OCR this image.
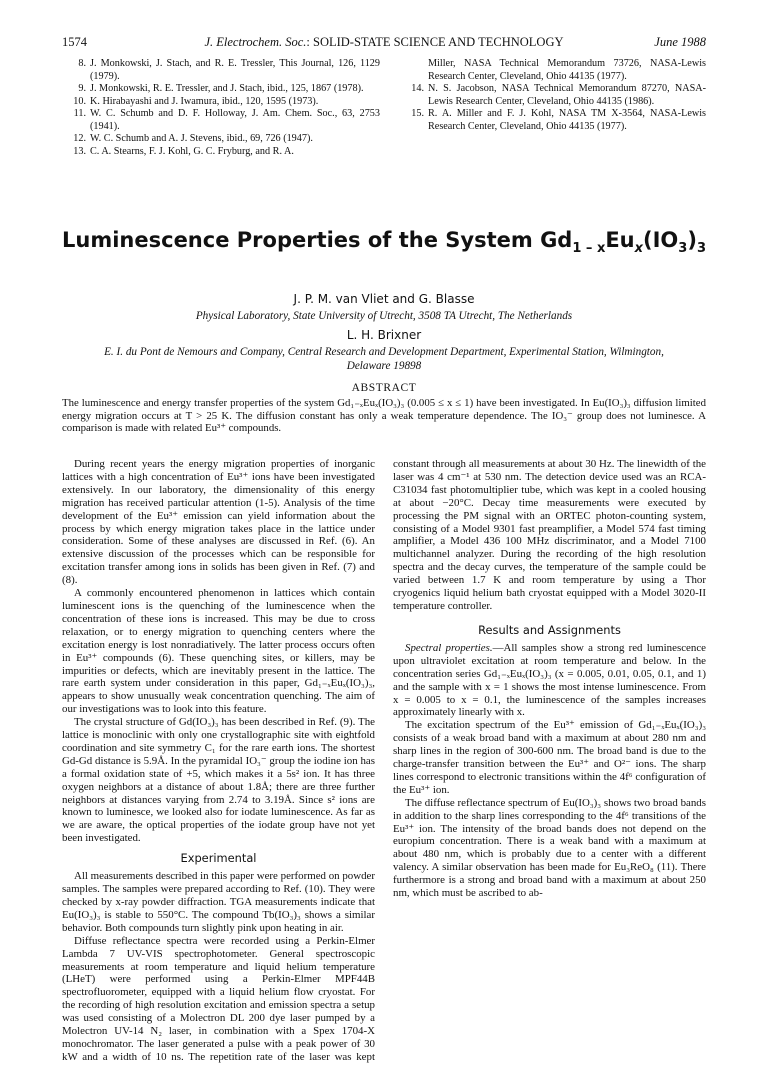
1574	J. Electrochem. Soc.: SOLID-STATE SCIENCE AND TECHNOLOGY	June 1988
8. J. Monkowski, J. Stach, and R. E. Tressler, This Journal, 126, 1129 (1979).
9. J. Monkowski, R. E. Tressler, and J. Stach, ibid., 125, 1867 (1978).
10. K. Hirabayashi and J. Iwamura, ibid., 120, 1595 (1973).
11. W. C. Schumb and D. F. Holloway, J. Am. Chem. Soc., 63, 2753 (1941).
12. W. C. Schumb and A. J. Stevens, ibid., 69, 726 (1947).
13. C. A. Stearns, F. J. Kohl, G. C. Fryburg, and R. A.
Miller, NASA Technical Memorandum 73726, NASA-Lewis Research Center, Cleveland, Ohio 44135 (1977).
14. N. S. Jacobson, NASA Technical Memorandum 87270, NASA-Lewis Research Center, Cleveland, Ohio 44135 (1986).
15. R. A. Miller and F. J. Kohl, NASA TM X-3564, NASA-Lewis Research Center, Cleveland, Ohio 44135 (1977).
Luminescence Properties of the System $Gd_{1 - x}Eu_x(IO_3)_3$
J. P. M. van Vliet and G. Blasse
Physical Laboratory, State University of Utrecht, 3508 TA Utrecht, The Netherlands
L. H. Brixner
E. I. du Pont de Nemours and Company, Central Research and Development Department, Experimental Station, Wilmington, Delaware 19898
ABSTRACT
The luminescence and energy transfer properties of the system Gd₁₋ₓEuₓ(IO₃)₃ (0.005 ≤ x ≤ 1) have been investigated. In Eu(IO₃)₃ diffusion limited energy migration occurs at T > 25 K. The diffusion constant has only a weak temperature dependence. The IO₃⁻ group does not luminesce. A comparison is made with related Eu³⁺ compounds.

During recent years the energy migration properties of inorganic lattices with a high concentration of Eu³⁺ ions have been investigated extensively. In our laboratory, the dimensionality of this energy migration has received particular attention (1-5). Analysis of the time development of the Eu³⁺ emission can yield information about the process by which energy migration takes place in the lattice under consideration. Some of these analyses are discussed in Ref. (6). An extensive discussion of the processes which can be responsible for excitation transfer among ions in solids has been given in Ref. (7) and (8).

A commonly encountered phenomenon in lattices which contain luminescent ions is the quenching of the luminescence when the concentration of these ions is increased. This may be due to cross relaxation, or to energy migration to quenching centers where the excitation energy is lost nonradiatively. The latter process occurs often in Eu³⁺ compounds (6). These quenching sites, or killers, may be impurities or defects, which are inevitably present in the lattice. The rare earth system under consideration in this paper, Gd₁₋ₓEuₓ(IO₃)₃, appears to show unusually weak concentration quenching. The aim of our investigations was to look into this feature.

The crystal structure of Gd(IO₃)₃ has been described in Ref. (9). The lattice is monoclinic with only one crystallographic site with eightfold coordination and site symmetry C₁ for the rare earth ions. The shortest Gd-Gd distance is 5.9Å. In the pyramidal IO₃⁻ group the iodine ion has a formal oxidation state of +5, which makes it a 5s² ion. It has three oxygen neighbors at a distance of about 1.8Å; there are three further neighbors at distances varying from 2.74 to 3.19Å. Since s² ions are known to luminesce, we looked also for iodate luminescence. As far as we are aware, the optical properties of the iodate group have not yet been investigated.

Experimental

All measurements described in this paper were performed on powder samples. The samples were prepared according to Ref. (10). They were checked by x-ray powder diffraction. TGA measurements indicate that Eu(IO₃)₃ is stable to 550°C. The compound Tb(IO₃)₃ shows a similar behavior. Both compounds turn slightly pink upon heating in air.

Diffuse reflectance spectra were recorded using a Perkin-Elmer Lambda 7 UV-VIS spectrophotometer. General spectroscopic measurements at room temperature and liquid helium temperature (LHeT) were performed using a Perkin-Elmer MPF44B spectrofluorometer, equipped with a liquid helium flow cryostat. For the recording of high resolution excitation and emission spectra a setup was used consisting of a Molectron DL 200 dye laser pumped by a Molectron UV-14 N₂ laser, in combination with a Spex 1704-X monochromator. The laser generated a pulse with a peak power of 30 kW and a width of 10 ns. The repetition rate of the laser was kept constant through all measurements at about 30 Hz. The linewidth of the laser was 4 cm⁻¹ at 530 nm. The detection device used was an RCA-C31034 fast photomultiplier tube, which was kept in a cooled housing at about −20°C. Decay time measurements were executed by processing the PM signal with an ORTEC photon-counting system, consisting of a Model 9301 fast preamplifier, a Model 574 fast timing amplifier, a Model 436 100 MHz discriminator, and a Model 7100 multichannel analyzer. During the recording of the high resolution spectra and the decay curves, the temperature of the sample could be varied between 1.7 K and room temperature by using a Thor cryogenics liquid helium bath cryostat equipped with a Model 3020-II temperature controller.

Results and Assignments

Spectral properties.—All samples show a strong red luminescence upon ultraviolet excitation at room temperature and below. In the concentration series Gd₁₋ₓEuₓ(IO₃)₃ (x = 0.005, 0.01, 0.05, 0.1, and 1) and the sample with x = 1 shows the most intense luminescence. From x = 0.005 to x = 0.1, the luminescence of the samples increases approximately linearly with x.

The excitation spectrum of the Eu³⁺ emission of Gd₁₋ₓEuₓ(IO₃)₃ consists of a weak broad band with a maximum at about 280 nm and sharp lines in the region of 300-600 nm. The broad band is due to the charge-transfer transition between the Eu³⁺ and O²⁻ ions. The sharp lines correspond to electronic transitions within the 4f⁶ configuration of the Eu³⁺ ion.

The diffuse reflectance spectrum of Eu(IO₃)₃ shows two broad bands in addition to the sharp lines corresponding to the 4f⁶ transitions of the Eu³⁺ ion. The intensity of the broad bands does not depend on the europium concentration. There is a weak band with a maximum at about 480 nm, which is probably due to a center with a different valency. A similar observation has been made for Eu₃ReO₈ (11). There furthermore is a strong and broad band with a maximum at about 250 nm, which must be ascribed to ab-
